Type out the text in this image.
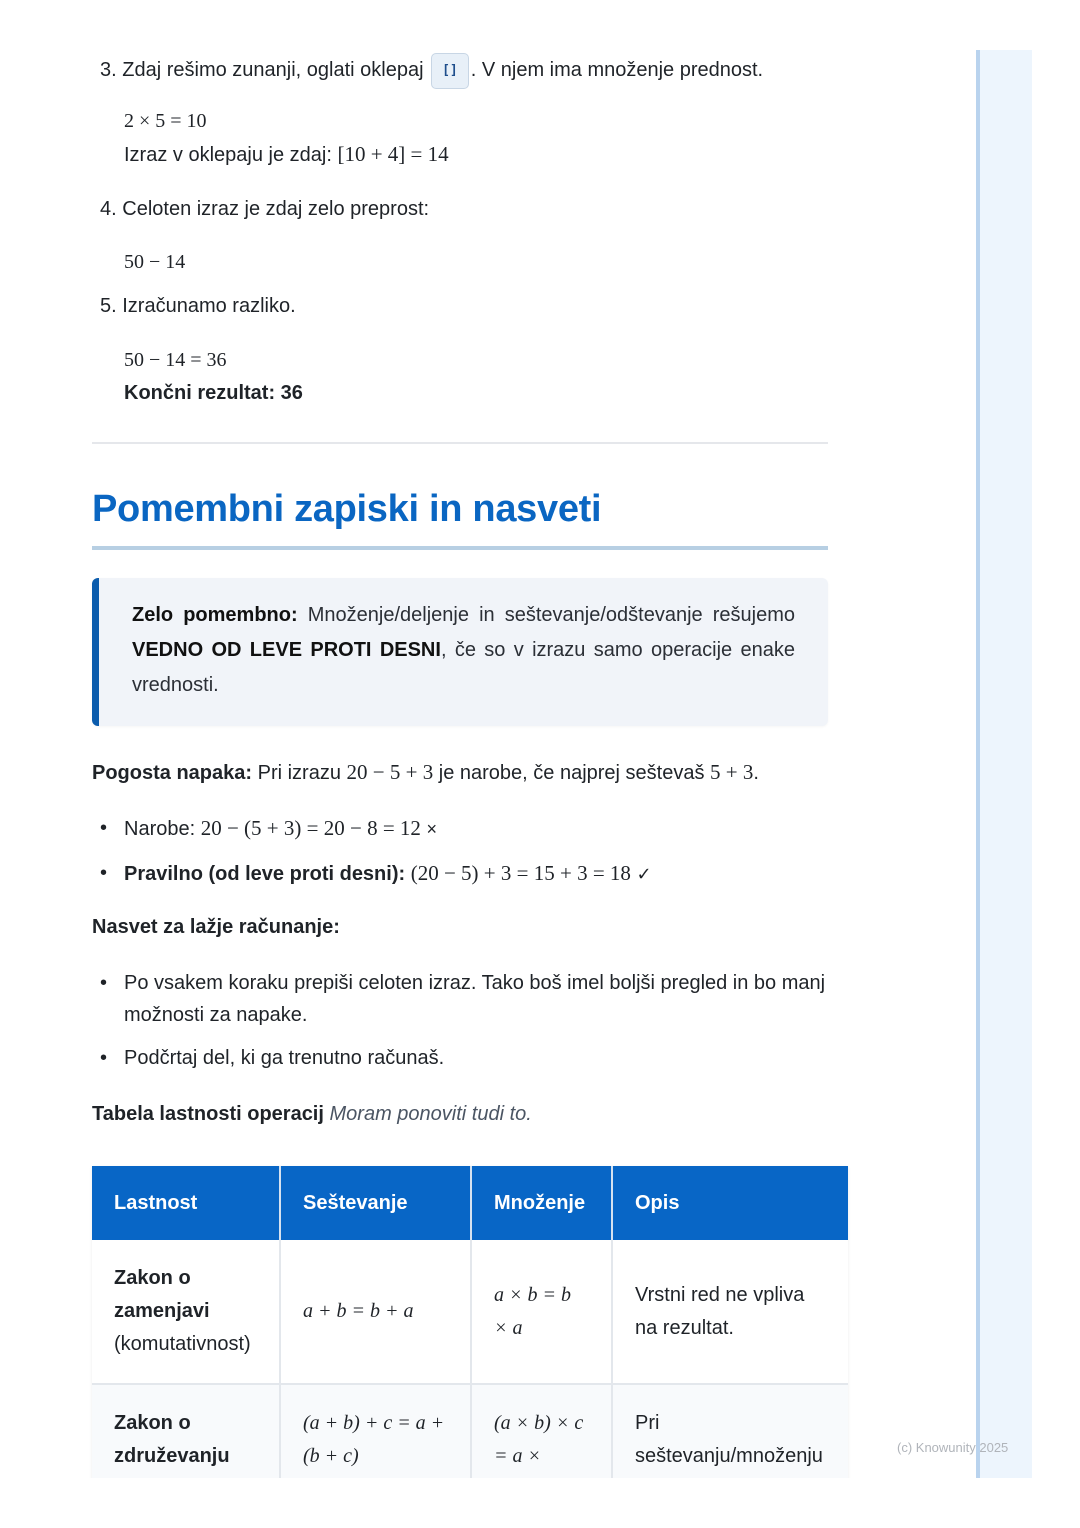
3. Zdaj rešimo zunanji, oglati oklepaj [] . V njem ima množenje prednost.
2 × 5 = 10
Izraz v oklepaju je zdaj: [10 + 4] = 14
4. Celoten izraz je zdaj zelo preprost:
50 − 14
5. Izračunamo razliko.
50 − 14 = 36
Končni rezultat: 36
Pomembni zapiski in nasveti
Zelo pomembno: Množenje/deljenje in seštevanje/odštevanje rešujemo VEDNO OD LEVE PROTI DESNI, če so v izrazu samo operacije enake vrednosti.
Pogosta napaka: Pri izrazu 20 − 5 + 3 je narobe, če najprej seštevaš 5 + 3.
• Narobe: 20 − (5 + 3) = 20 − 8 = 12 ×
• Pravilno (od leve proti desni): (20 − 5) + 3 = 15 + 3 = 18 ✓
Nasvet za lažje računanje:
• Po vsakem koraku prepiši celoten izraz. Tako boš imel boljši pregled in bo manj možnosti za napake.
• Podčrtaj del, ki ga trenutno računaš.
Tabela lastnosti operacij Moram ponoviti tudi to.
Lastnost	Seštevanje	Množenje	Opis
Zakon o zamenjavi
(komutativnost)	a + b = b + a	a × b = b × a	Vrstni red ne vpliva na rezultat.
Zakon o združevanju	(a + b) + c = a + (b + c)	(a × b) × c = a ×	Pri seštevanju/množenju	(c) Knowunity 2025
